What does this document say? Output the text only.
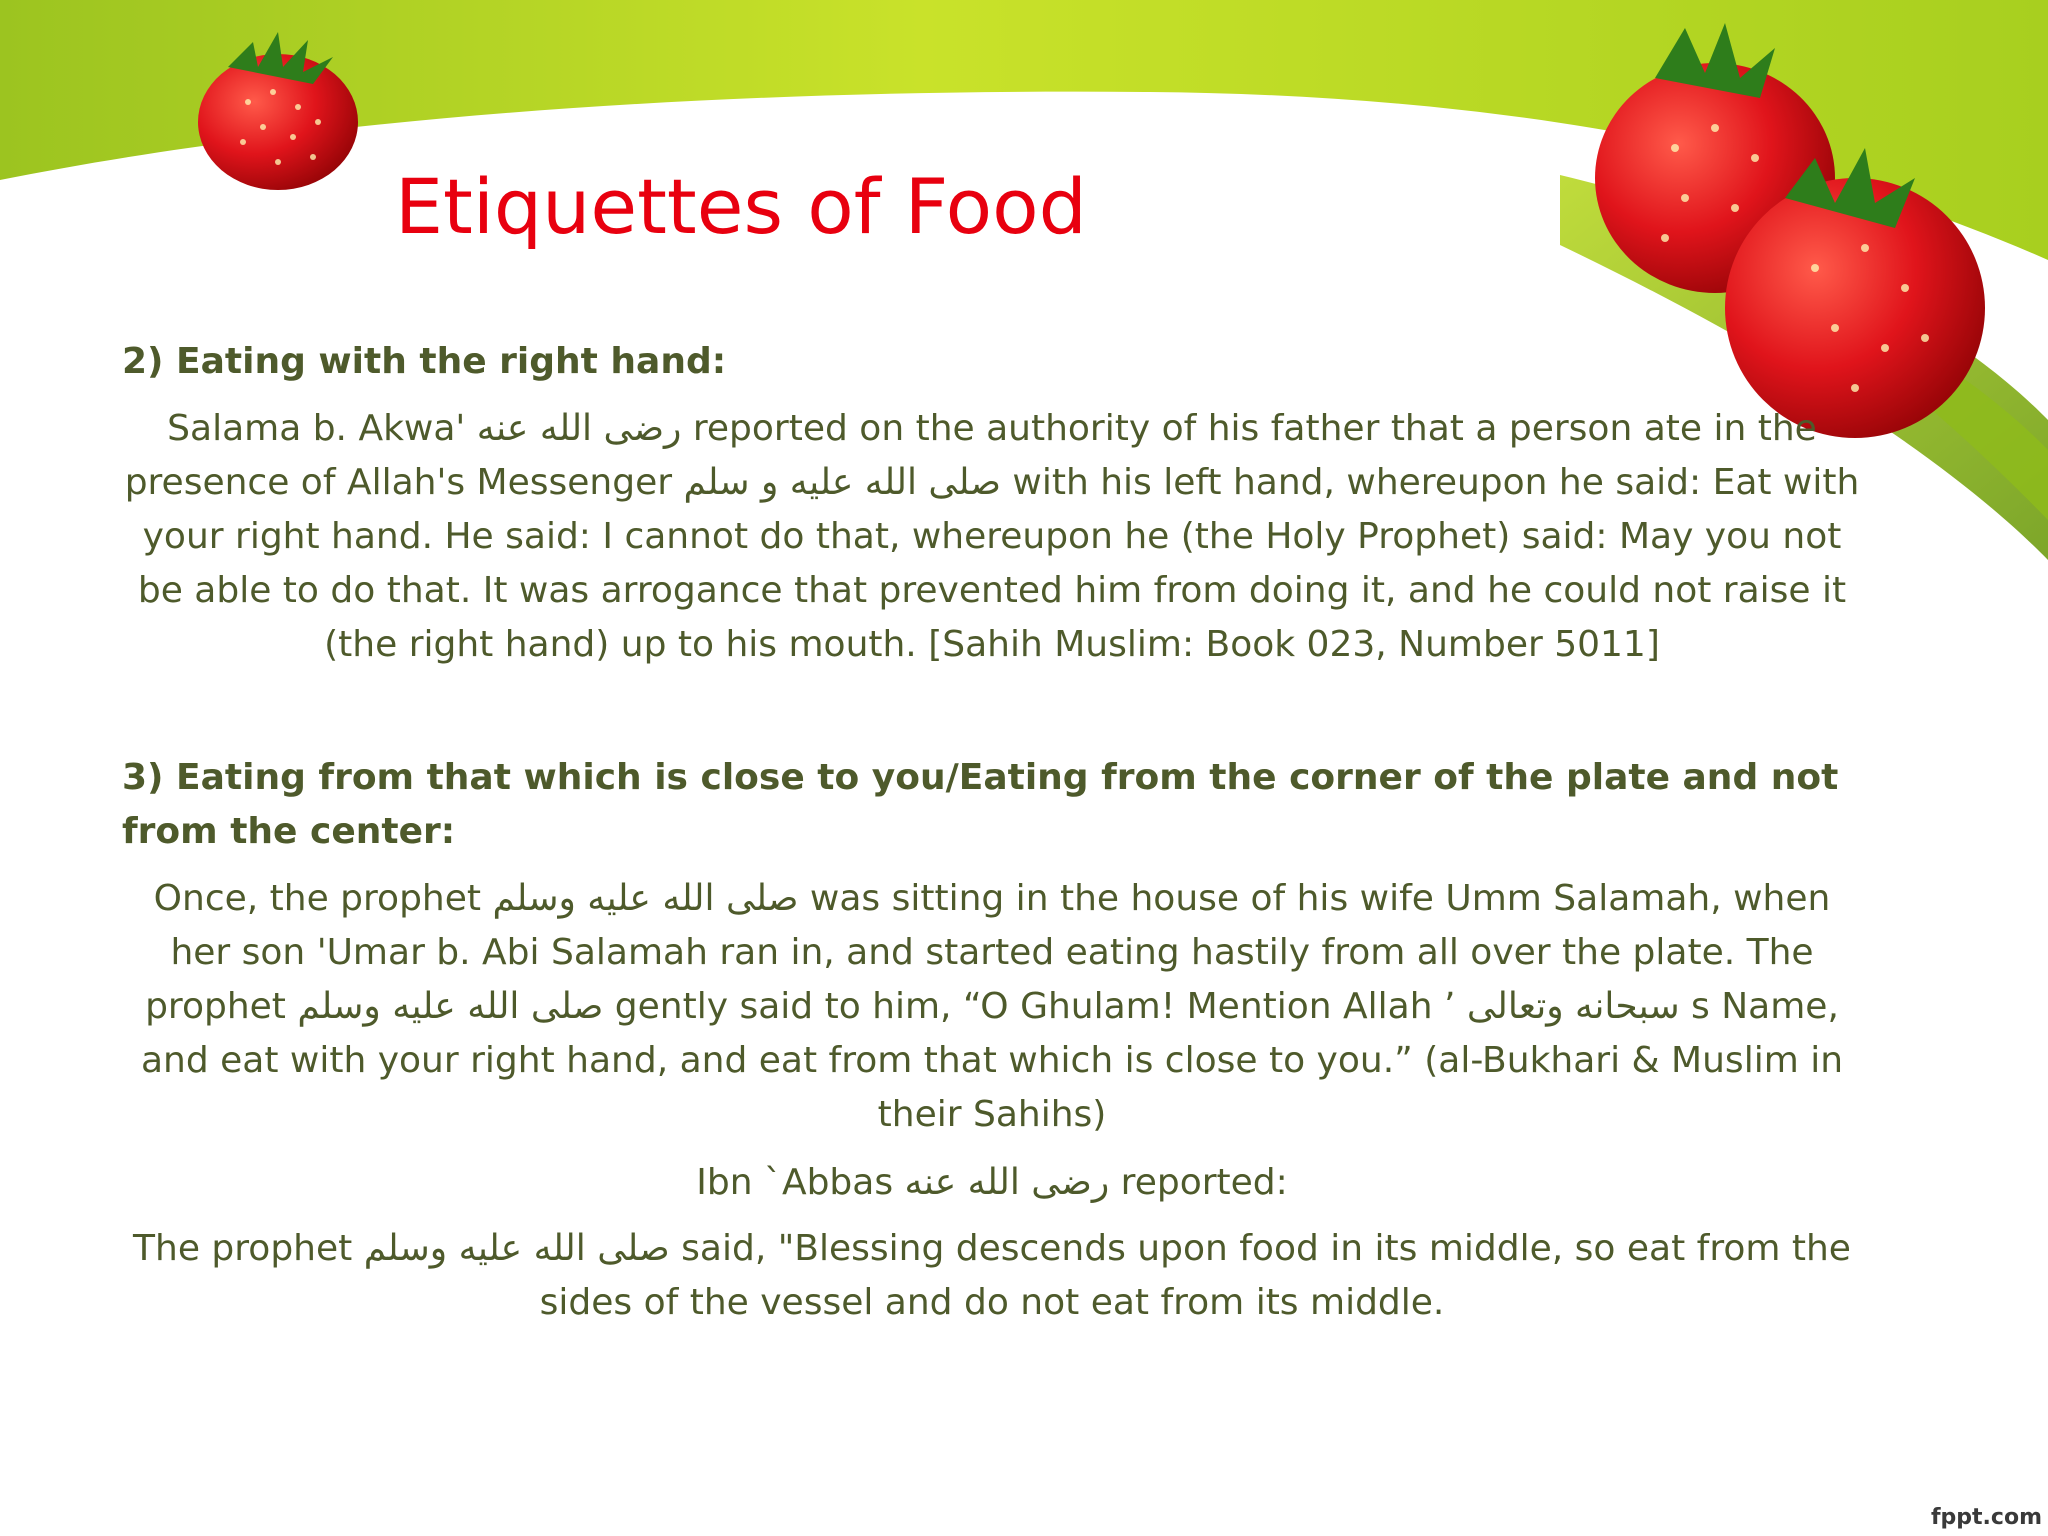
Etiquettes of Food

2) Eating with the right hand:

Salama b. Akwa' رضی الله عنه reported on the authority of his father that a person ate in the presence of Allah's Messenger صلی الله علیه و سلم with his left hand, whereupon he said: Eat with your right hand. He said: I cannot do that, whereupon he (the Holy Prophet) said: May you not be able to do that. It was arrogance that prevented him from doing it, and he could not raise it (the right hand) up to his mouth. [Sahih Muslim: Book 023, Number 5011]

3) Eating from that which is close to you/Eating from the corner of the plate and not from the center:

Once, the prophet صلی الله علیه وسلم was sitting in the house of his wife Umm Salamah, when her son 'Umar b. Abi Salamah ran in, and started eating hastily from all over the plate. The prophet صلی الله علیه وسلم gently said to him, “O Ghulam! Mention Allah ’ سبحانه وتعالی s Name, and eat with your right hand, and eat from that which is close to you.” (al-Bukhari & Muslim in their Sahihs)

Ibn `Abbas رضی الله عنه reported:

The prophet صلی الله علیه وسلم said, "Blessing descends upon food in its middle, so eat from the sides of the vessel and do not eat from its middle.

fppt.com
